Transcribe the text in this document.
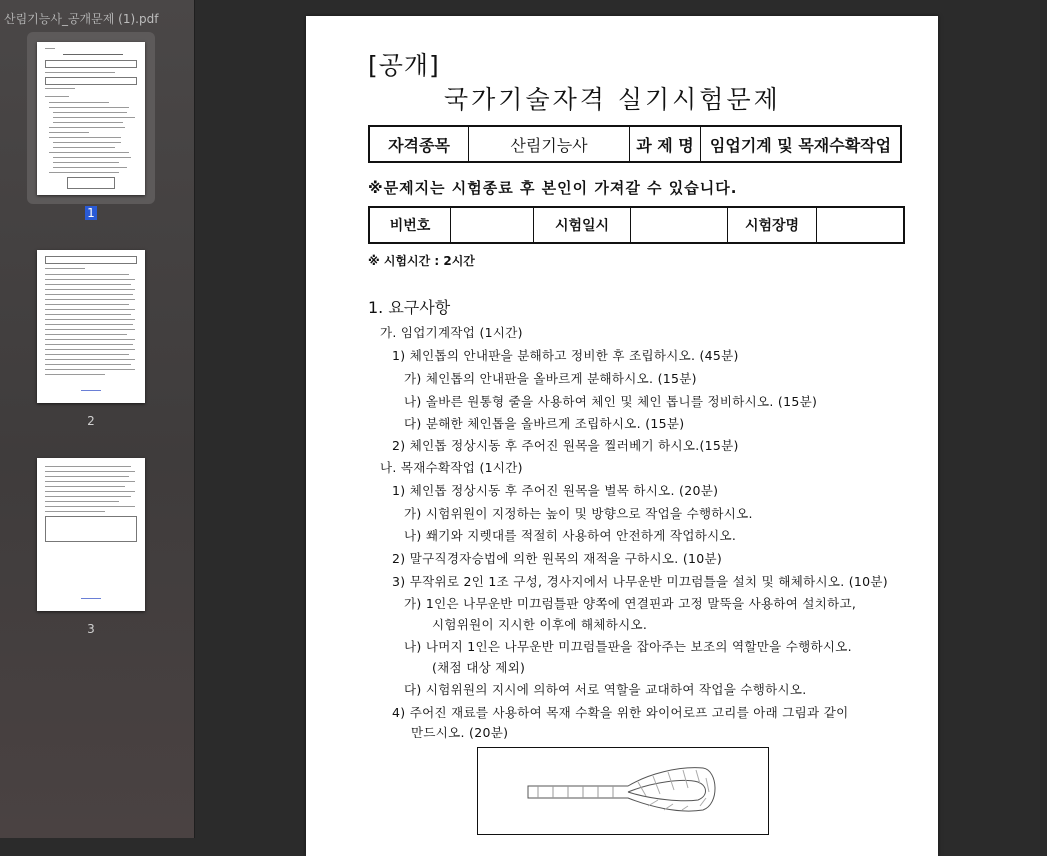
산림기능사_공개문제 (1).pdf
1
2
3
[공개]
국가기술자격 실기시험문제
자격종목	산림기능사	과 제 명	임업기계 및 목재수확작업
※문제지는 시험종료 후 본인이 가져갈 수 있습니다.
비번호		시험일시		시험장명	
※ 시험시간 : 2시간
1. 요구사항
가. 임업기계작업 (1시간)
1) 체인톱의 안내판을 분해하고 정비한 후 조립하시오. (45분)
가) 체인톱의 안내판을 올바르게 분해하시오. (15분)
나) 올바른 원통형 줄을 사용하여 체인 및 체인 톱니를 정비하시오. (15분)
다) 분해한 체인톱을 올바르게 조립하시오. (15분)
2) 체인톱 정상시동 후 주어진 원목을 찔러베기 하시오.(15분)
나. 목재수확작업 (1시간)
1) 체인톱 정상시동 후 주어진 원목을 벌목 하시오. (20분)
가) 시험위원이 지정하는 높이 및 방향으로 작업을 수행하시오.
나) 쐐기와 지렛대를 적절히 사용하여 안전하게 작업하시오.
2) 말구직경자승법에 의한 원목의 재적을 구하시오. (10분)
3) 무작위로 2인 1조 구성, 경사지에서 나무운반 미끄럼틀을 설치 및 해체하시오. (10분)
가) 1인은 나무운반 미끄럼틀판 양쪽에 연결핀과 고정 말뚝을 사용하여 설치하고,
시험위원이 지시한 이후에 해체하시오.
나) 나머지 1인은 나무운반 미끄럼틀판을 잡아주는 보조의 역할만을 수행하시오.
(채점 대상 제외)
다) 시험위원의 지시에 의하여 서로 역할을 교대하여 작업을 수행하시오.
4) 주어진 재료를 사용하여 목재 수확을 위한 와이어로프 고리를 아래 그림과 같이
만드시오. (20분)
